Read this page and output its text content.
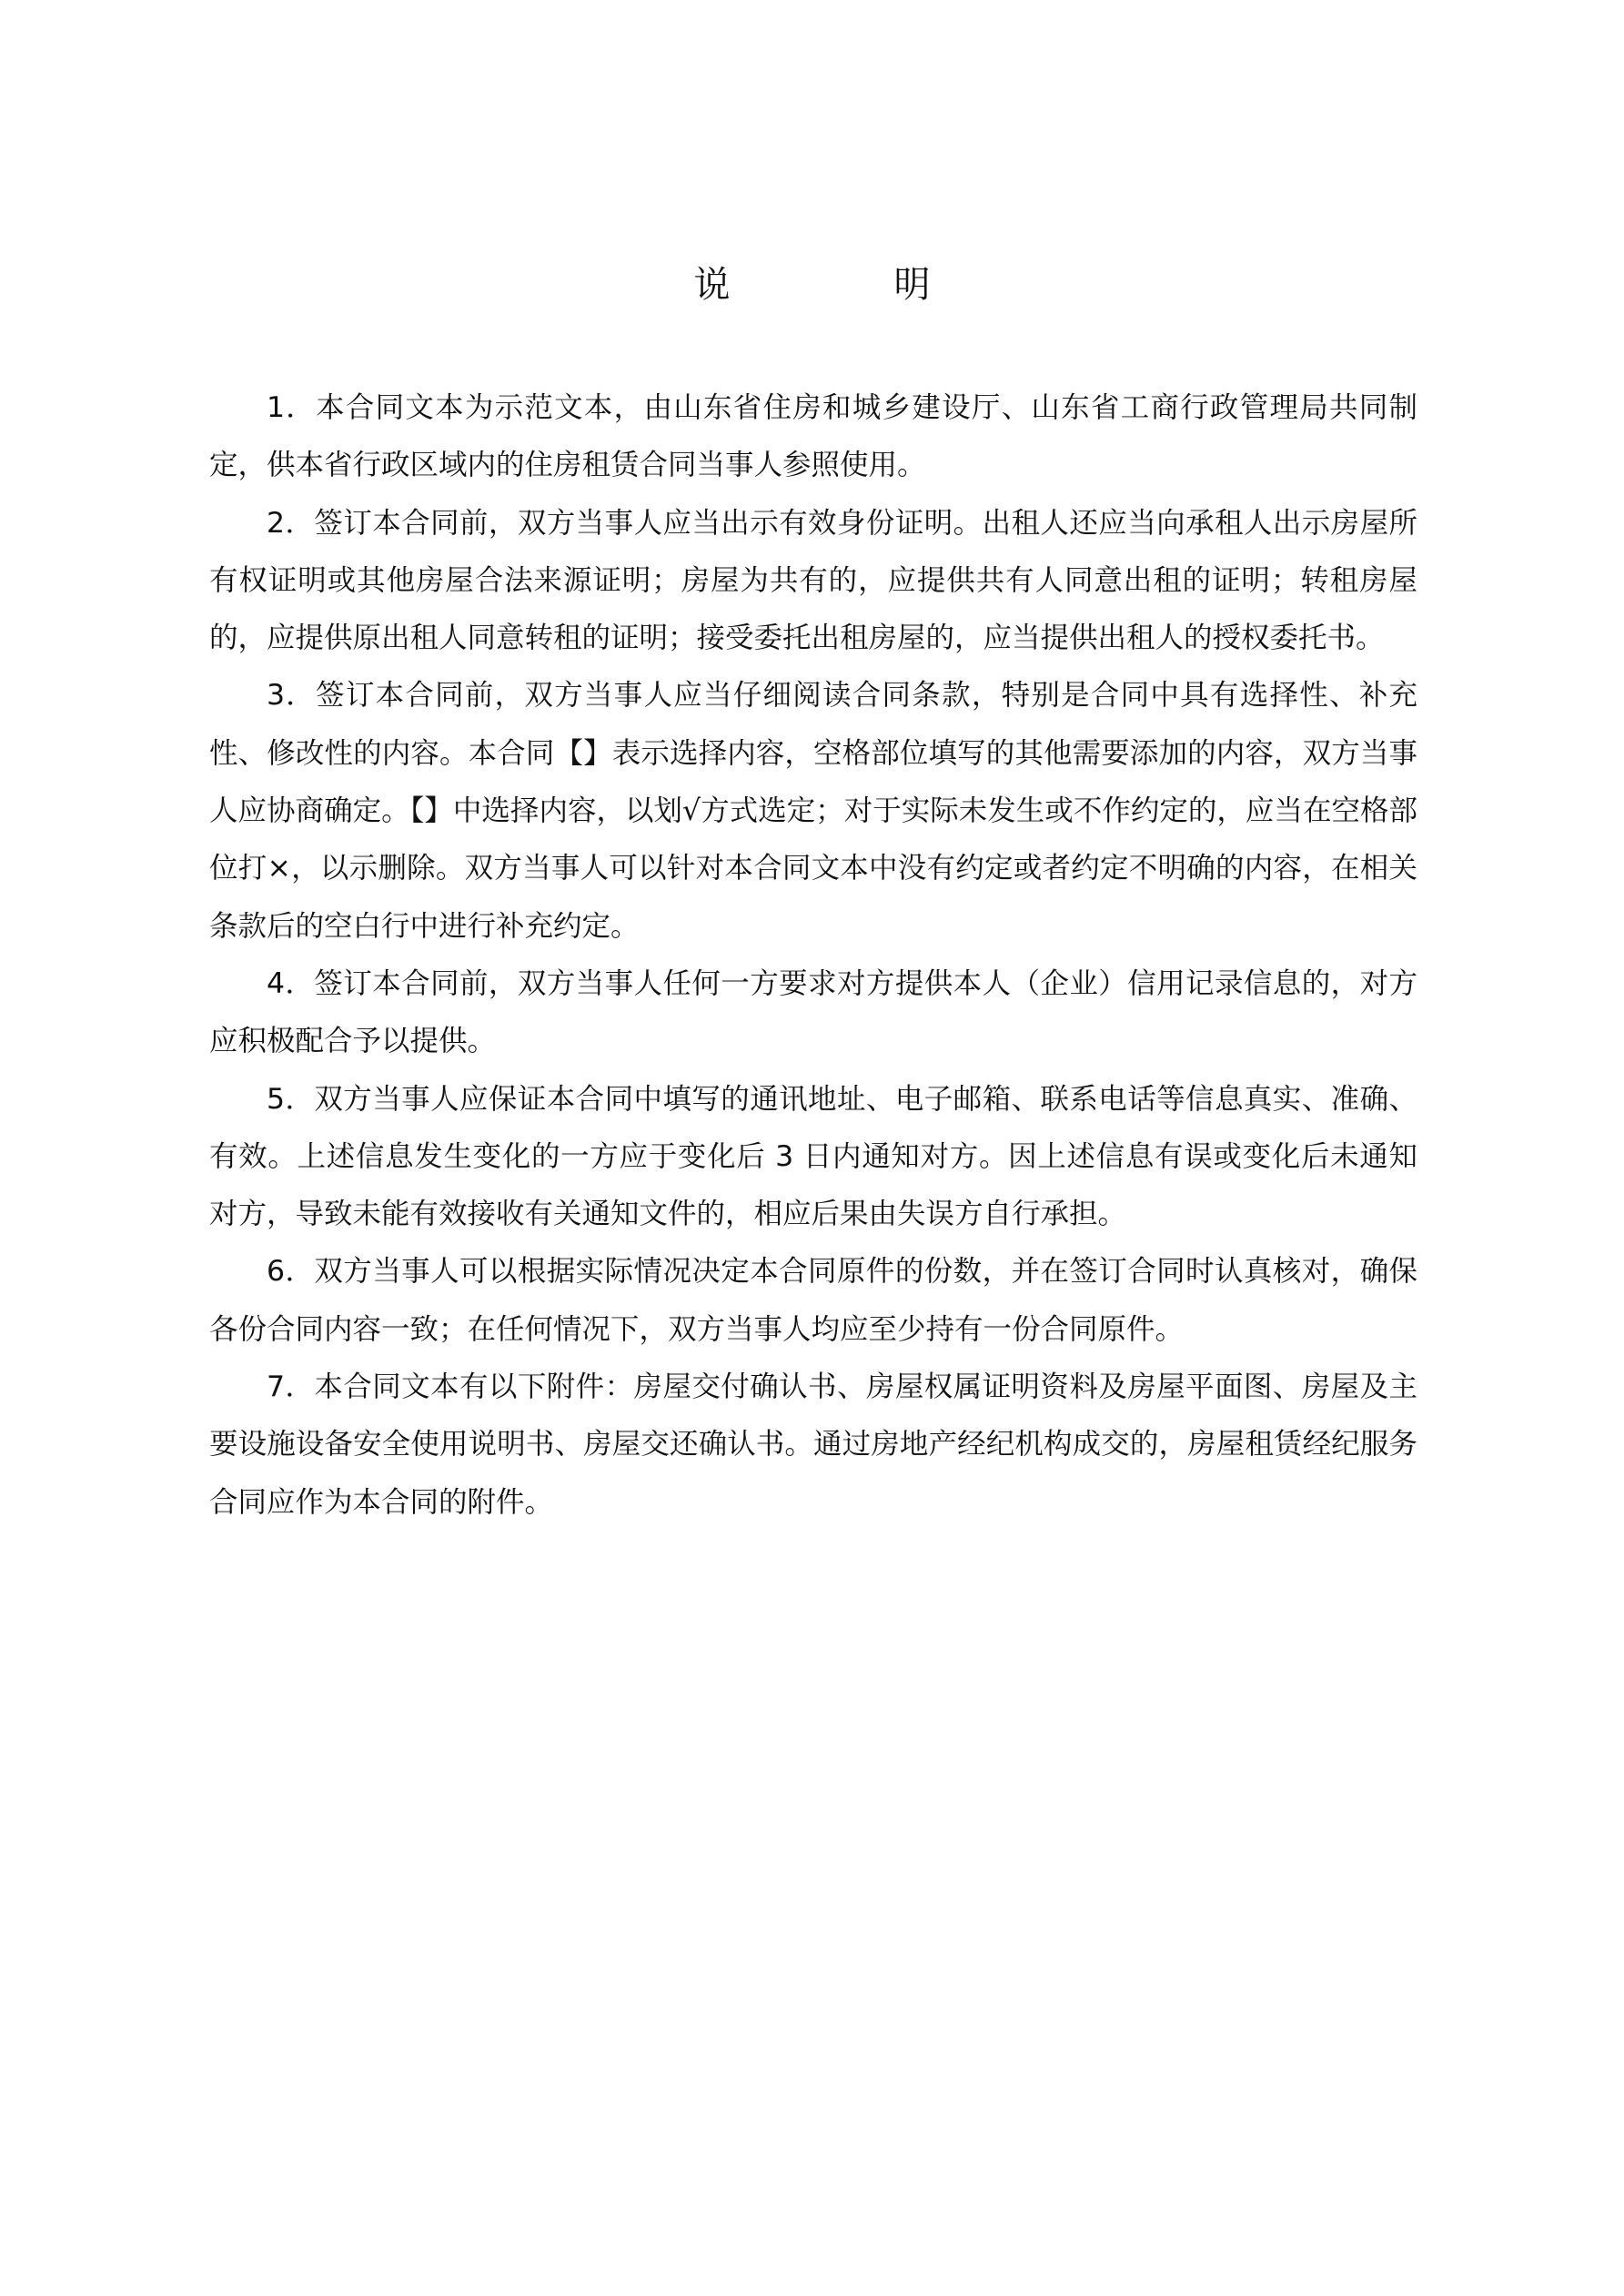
说　明

1．本合同文本为示范文本，由山东省住房和城乡建设厅、山东省工商行政管理局共同制定，供本省行政区域内的住房租赁合同当事人参照使用。

2．签订本合同前，双方当事人应当出示有效身份证明。出租人还应当向承租人出示房屋所有权证明或其他房屋合法来源证明；房屋为共有的，应提供共有人同意出租的证明；转租房屋的，应提供原出租人同意转租的证明；接受委托出租房屋的，应当提供出租人的授权委托书。

3．签订本合同前，双方当事人应当仔细阅读合同条款，特别是合同中具有选择性、补充性、修改性的内容。本合同【】表示选择内容，空格部位填写的其他需要添加的内容，双方当事人应协商确定。【】中选择内容，以划√方式选定；对于实际未发生或不作约定的，应当在空格部位打×，以示删除。双方当事人可以针对本合同文本中没有约定或者约定不明确的内容，在相关条款后的空白行中进行补充约定。

4．签订本合同前，双方当事人任何一方要求对方提供本人（企业）信用记录信息的，对方应积极配合予以提供。

5．双方当事人应保证本合同中填写的通讯地址、电子邮箱、联系电话等信息真实、准确、有效。上述信息发生变化的一方应于变化后 3 日内通知对方。因上述信息有误或变化后未通知对方，导致未能有效接收有关通知文件的，相应后果由失误方自行承担。

6．双方当事人可以根据实际情况决定本合同原件的份数，并在签订合同时认真核对，确保各份合同内容一致；在任何情况下，双方当事人均应至少持有一份合同原件。

7．本合同文本有以下附件：房屋交付确认书、房屋权属证明资料及房屋平面图、房屋及主要设施设备安全使用说明书、房屋交还确认书。通过房地产经纪机构成交的，房屋租赁经纪服务合同应作为本合同的附件。
